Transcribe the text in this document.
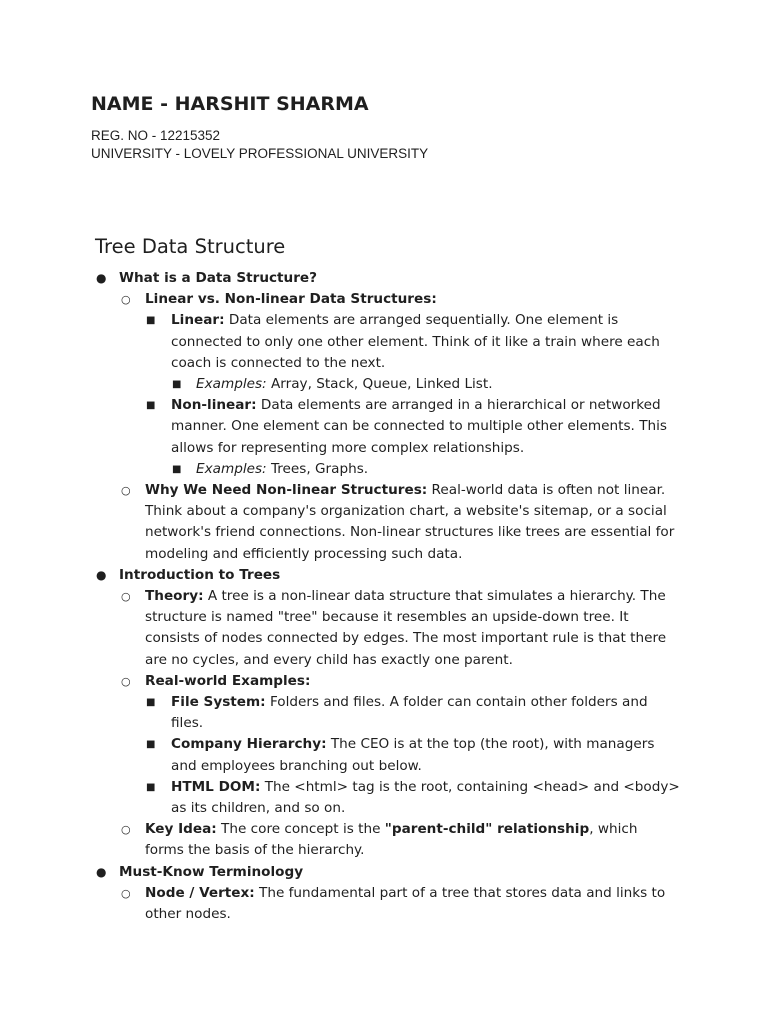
NAME - HARSHIT SHARMA

REG. NO - 12215352

UNIVERSITY - LOVELY PROFESSIONAL UNIVERSITY

Tree Data Structure
● What is a Data Structure?
○ Linear vs. Non-linear Data Structures:
■ Linear: Data elements are arranged sequentially. One element is connected to only one other element. Think of it like a train where each coach is connected to the next.
■ Examples: Array, Stack, Queue, Linked List.
■ Non-linear: Data elements are arranged in a hierarchical or networked manner. One element can be connected to multiple other elements. This allows for representing more complex relationships.
■ Examples: Trees, Graphs.
○ Why We Need Non-linear Structures: Real-world data is often not linear. Think about a company's organization chart, a website's sitemap, or a social network's friend connections. Non-linear structures like trees are essential for modeling and efficiently processing such data.
● Introduction to Trees
○ Theory: A tree is a non-linear data structure that simulates a hierarchy. The structure is named "tree" because it resembles an upside-down tree. It consists of nodes connected by edges. The most important rule is that there are no cycles, and every child has exactly one parent.
○ Real-world Examples:
■ File System: Folders and files. A folder can contain other folders and files.
■ Company Hierarchy: The CEO is at the top (the root), with managers and employees branching out below.
■ HTML DOM: The <html> tag is the root, containing <head> and <body> as its children, and so on.
○ Key Idea: The core concept is the "parent-child" relationship, which forms the basis of the hierarchy.
● Must-Know Terminology
○ Node / Vertex: The fundamental part of a tree that stores data and links to other nodes.
